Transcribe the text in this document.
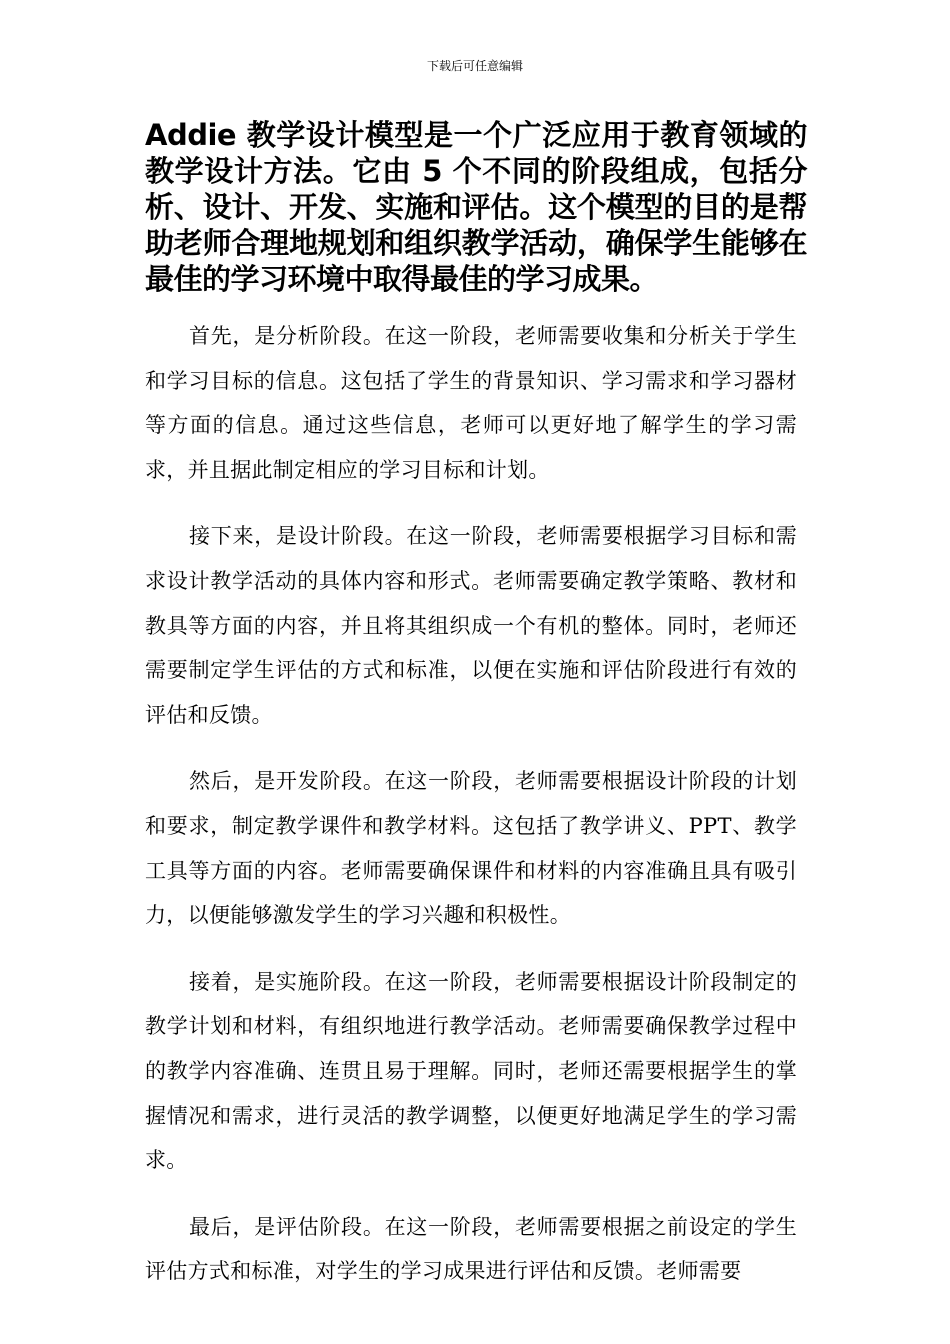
下载后可任意编辑
Addie 教学设计模型是一个广泛应用于教育领域的教学设计方法。它由 5 个不同的阶段组成，包括分析、设计、开发、实施和评估。这个模型的目的是帮助老师合理地规划和组织教学活动，确保学生能够在最佳的学习环境中取得最佳的学习成果。

首先，是分析阶段。在这一阶段，老师需要收集和分析关于学生和学习目标的信息。这包括了学生的背景知识、学习需求和学习器材等方面的信息。通过这些信息，老师可以更好地了解学生的学习需求，并且据此制定相应的学习目标和计划。

接下来，是设计阶段。在这一阶段，老师需要根据学习目标和需求设计教学活动的具体内容和形式。老师需要确定教学策略、教材和教具等方面的内容，并且将其组织成一个有机的整体。同时，老师还需要制定学生评估的方式和标准，以便在实施和评估阶段进行有效的评估和反馈。

然后，是开发阶段。在这一阶段，老师需要根据设计阶段的计划和要求，制定教学课件和教学材料。这包括了教学讲义、PPT、教学工具等方面的内容。老师需要确保课件和材料的内容准确且具有吸引力，以便能够激发学生的学习兴趣和积极性。

接着，是实施阶段。在这一阶段，老师需要根据设计阶段制定的教学计划和材料，有组织地进行教学活动。老师需要确保教学过程中的教学内容准确、连贯且易于理解。同时，老师还需要根据学生的掌握情况和需求，进行灵活的教学调整，以便更好地满足学生的学习需求。

最后，是评估阶段。在这一阶段，老师需要根据之前设定的学生评估方式和标准，对学生的学习成果进行评估和反馈。老师需要
